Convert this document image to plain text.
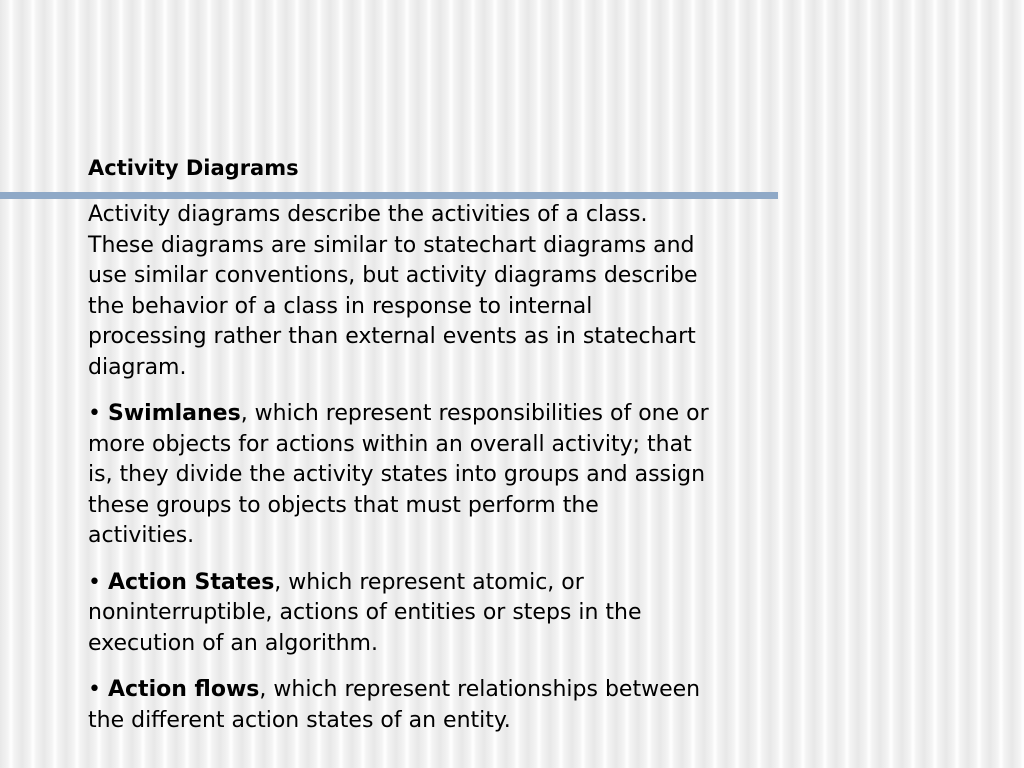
Activity Diagrams

Activity diagrams describe the activities of a class.
These diagrams are similar to statechart diagrams and
use similar conventions, but activity diagrams describe
the behavior of a class in response to internal
processing rather than external events as in statechart
diagram.

• Swimlanes, which represent responsibilities of one or
more objects for actions within an overall activity; that
is, they divide the activity states into groups and assign
these groups to objects that must perform the
activities.

• Action States, which represent atomic, or
noninterruptible, actions of entities or steps in the
execution of an algorithm.

• Action flows, which represent relationships between
the different action states of an entity.
